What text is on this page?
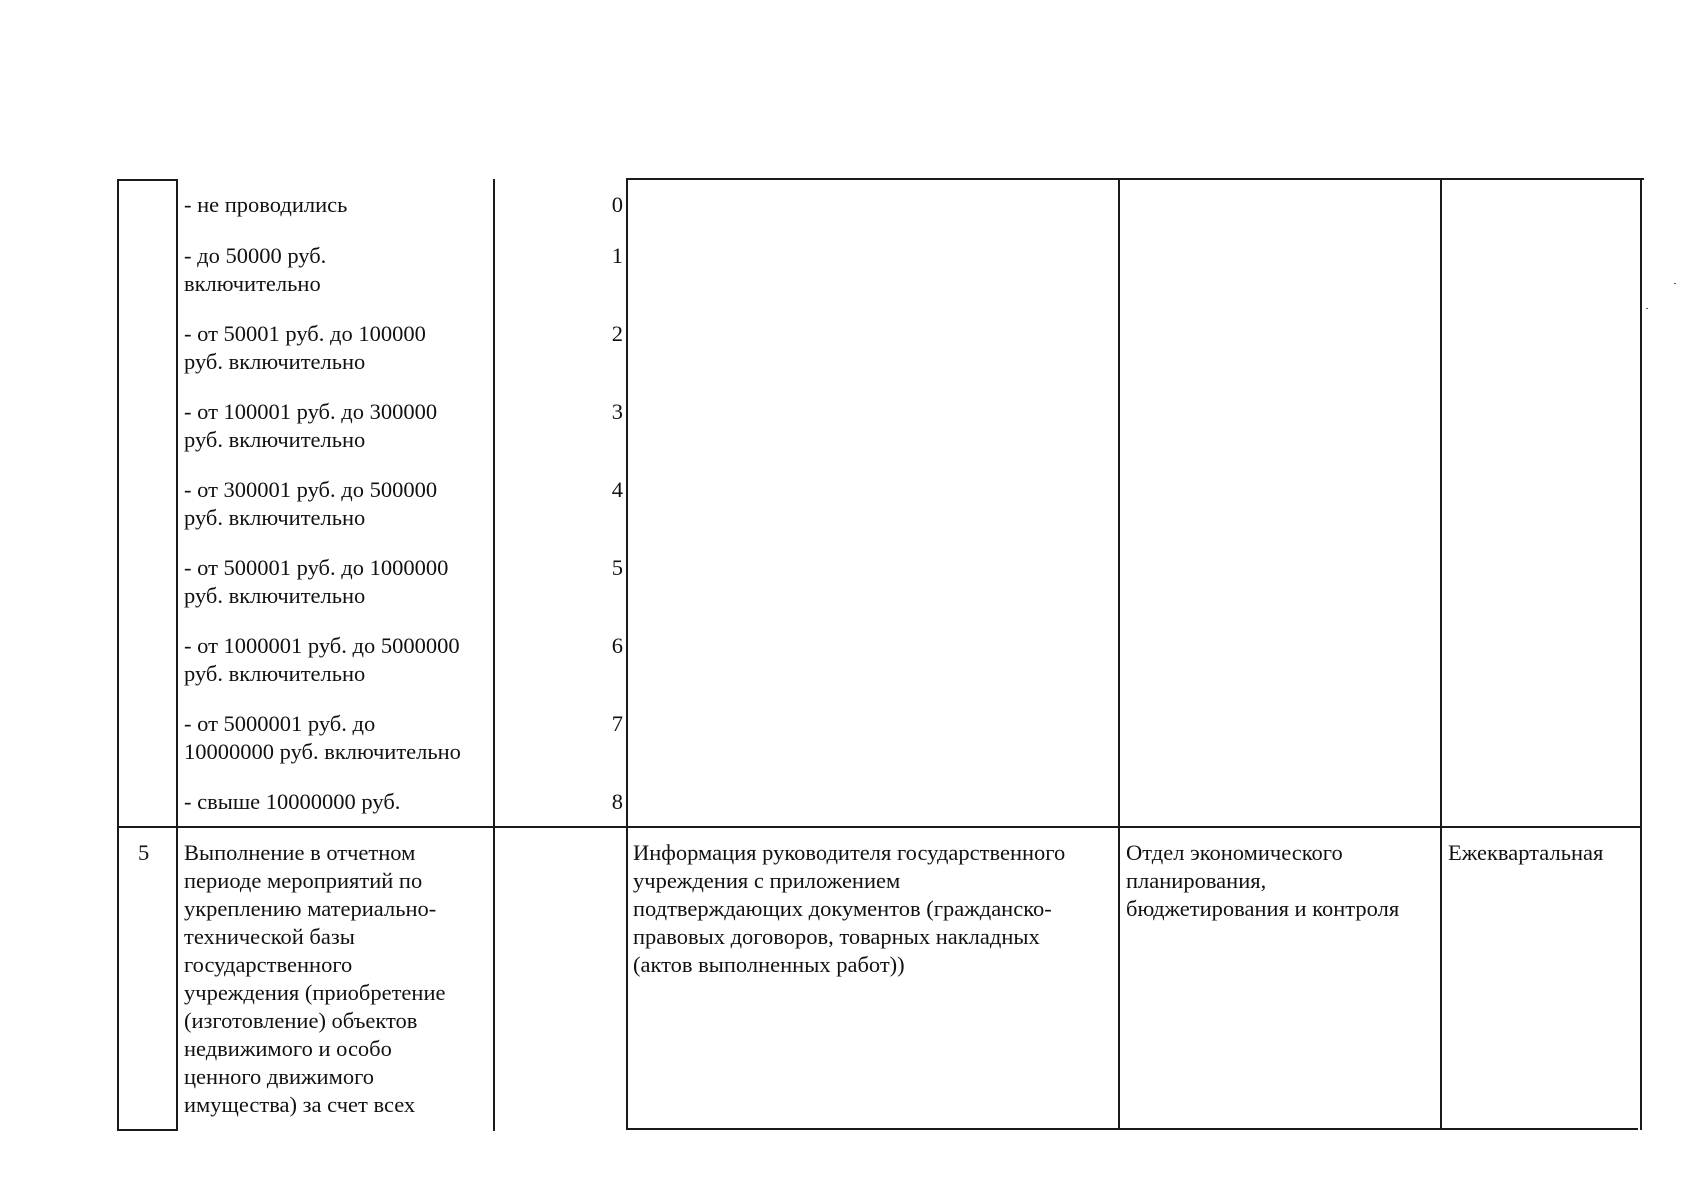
- не проводились	0
- до 50000 руб.
включительно
1
- от 50001 руб. до 100000
руб. включительно
2
- от 100001 руб. до 300000
руб. включительно
3
- от 300001 руб. до 500000
руб. включительно
4
- от 500001 руб. до 1000000
руб. включительно
5
- от 1000001 руб. до 5000000
руб. включительно
6
- от 5000001 руб. до
10000000 руб. включительно
7
- свыше 10000000 руб.	8
5 Выполнение в отчетном
периоде мероприятий по
укреплению материально-
технической базы
государственного
учреждения (приобретение
(изготовление) объектов
недвижимого и особо
ценного движимого
имущества) за счет всех
Информация руководителя государственного
учреждения с приложением
подтверждающих документов (гражданско-
правовых договоров, товарных накладных
(актов выполненных работ))
Отдел экономического
планирования,
бюджетирования и контроля
Ежеквартальная
